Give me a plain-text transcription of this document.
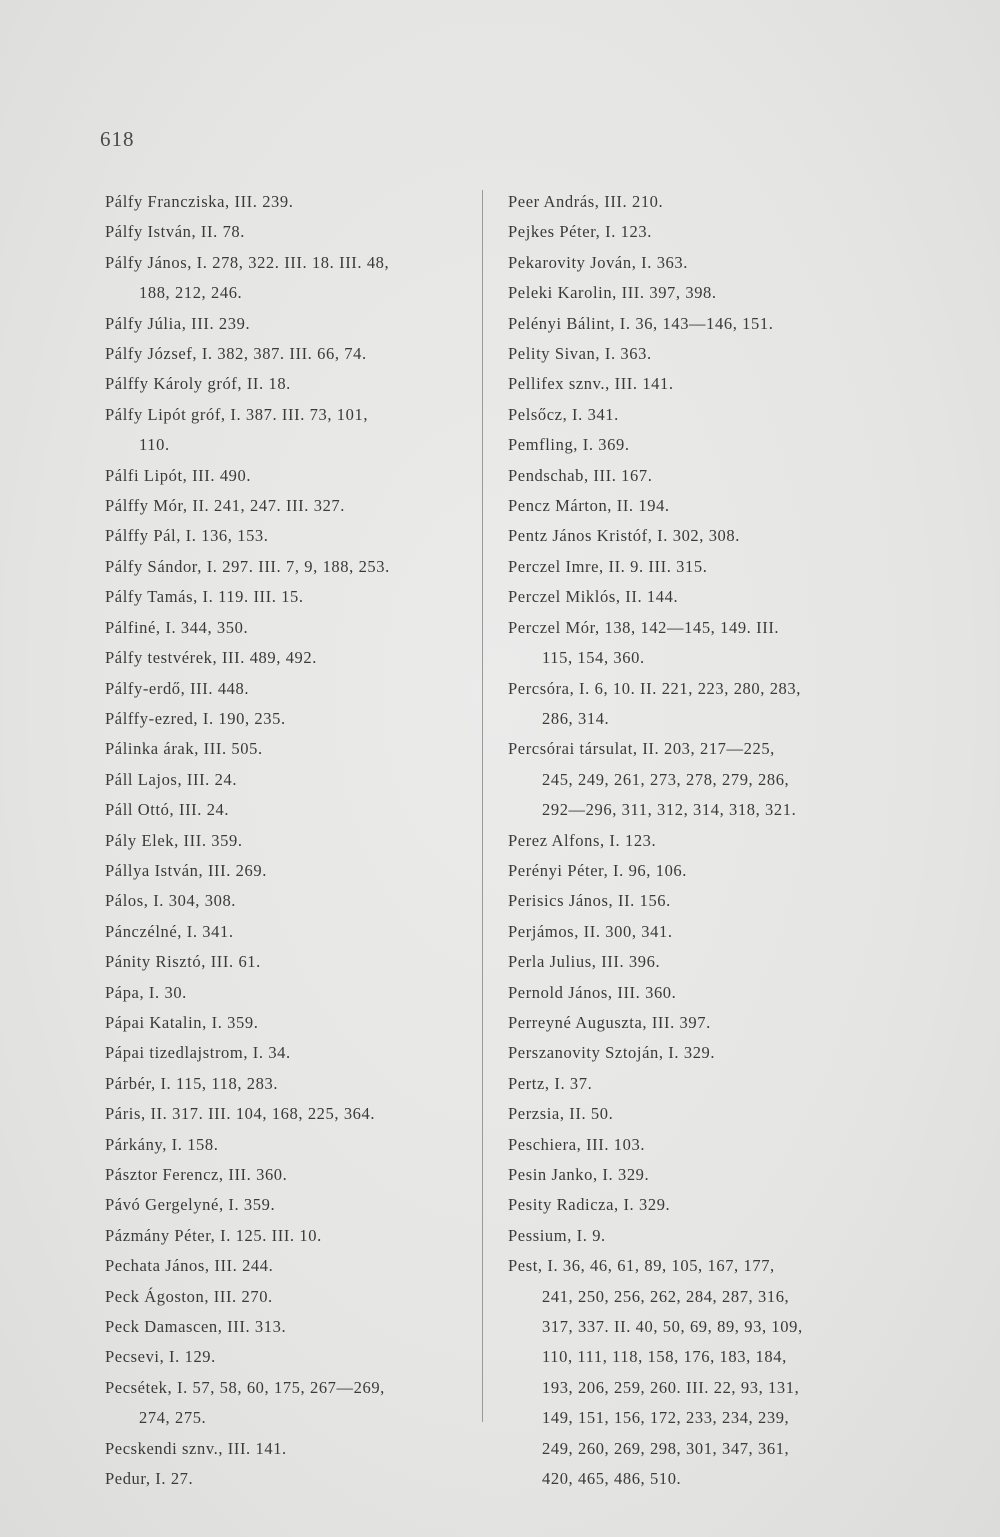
618
Pálfy Francziska, III. 239.
Pálfy István, II. 78.
Pálfy János, I. 278, 322. III. 18. III. 48,
188, 212, 246.
Pálfy Júlia, III. 239.
Pálfy József, I. 382, 387. III. 66, 74.
Pálffy Károly gróf, II. 18.
Pálfy Lipót gróf, I. 387. III. 73, 101,
110.
Pálfi Lipót, III. 490.
Pálffy Mór, II. 241, 247. III. 327.
Pálffy Pál, I. 136, 153.
Pálfy Sándor, I. 297. III. 7, 9, 188, 253.
Pálfy Tamás, I. 119. III. 15.
Pálfiné, I. 344, 350.
Pálfy testvérek, III. 489, 492.
Pálfy-erdő, III. 448.
Pálffy-ezred, I. 190, 235.
Pálinka árak, III. 505.
Páll Lajos, III. 24.
Páll Ottó, III. 24.
Pály Elek, III. 359.
Pállya István, III. 269.
Pálos, I. 304, 308.
Pánczélné, I. 341.
Pánity Risztó, III. 61.
Pápa, I. 30.
Pápai Katalin, I. 359.
Pápai tizedlajstrom, I. 34.
Párbér, I. 115, 118, 283.
Páris, II. 317. III. 104, 168, 225, 364.
Párkány, I. 158.
Pásztor Ferencz, III. 360.
Pávó Gergelyné, I. 359.
Pázmány Péter, I. 125. III. 10.
Pechata János, III. 244.
Peck Ágoston, III. 270.
Peck Damascen, III. 313.
Pecsevi, I. 129.
Pecsétek, I. 57, 58, 60, 175, 267—269,
274, 275.
Pecskendi sznv., III. 141.
Pedur, I. 27.
Peer András, III. 210.
Pejkes Péter, I. 123.
Pekarovity Jován, I. 363.
Peleki Karolin, III. 397, 398.
Pelényi Bálint, I. 36, 143—146, 151.
Pelity Sivan, I. 363.
Pellifex sznv., III. 141.
Pelsőcz, I. 341.
Pemfling, I. 369.
Pendschab, III. 167.
Pencz Márton, II. 194.
Pentz János Kristóf, I. 302, 308.
Perczel Imre, II. 9. III. 315.
Perczel Miklós, II. 144.
Perczel Mór, 138, 142—145, 149. III.
115, 154, 360.
Percsóra, I. 6, 10. II. 221, 223, 280, 283,
286, 314.
Percsórai társulat, II. 203, 217—225,
245, 249, 261, 273, 278, 279, 286,
292—296, 311, 312, 314, 318, 321.
Perez Alfons, I. 123.
Perényi Péter, I. 96, 106.
Perisics János, II. 156.
Perjámos, II. 300, 341.
Perla Julius, III. 396.
Pernold János, III. 360.
Perreyné Auguszta, III. 397.
Perszanovity Sztoján, I. 329.
Pertz, I. 37.
Perzsia, II. 50.
Peschiera, III. 103.
Pesin Janko, I. 329.
Pesity Radicza, I. 329.
Pessium, I. 9.
Pest, I. 36, 46, 61, 89, 105, 167, 177,
241, 250, 256, 262, 284, 287, 316,
317, 337. II. 40, 50, 69, 89, 93, 109,
110, 111, 118, 158, 176, 183, 184,
193, 206, 259, 260. III. 22, 93, 131,
149, 151, 156, 172, 233, 234, 239,
249, 260, 269, 298, 301, 347, 361,
420, 465, 486, 510.
